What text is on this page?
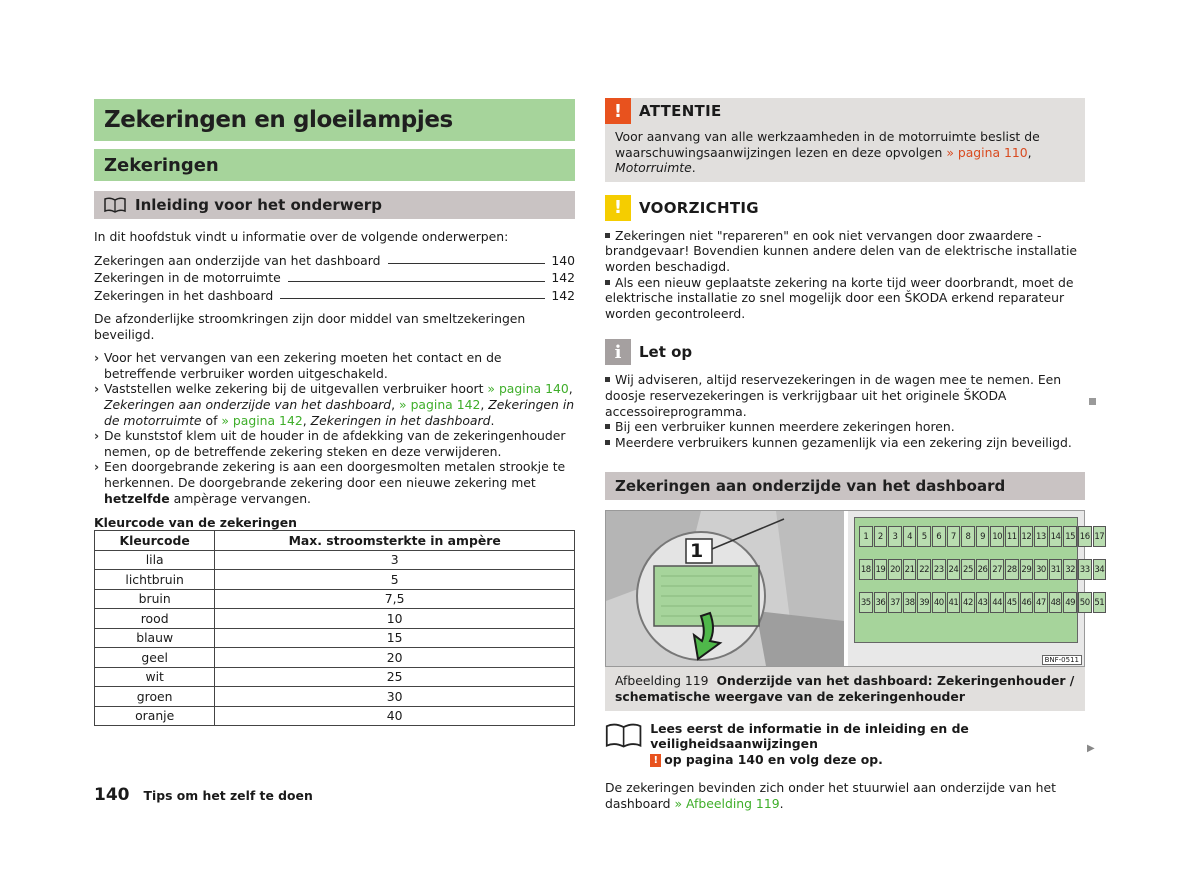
Zekeringen en gloeilampjes
Zekeringen
Inleiding voor het onderwerp

In dit hoofdstuk vindt u informatie over de volgende onderwerpen:

Zekeringen aan onderzijde van het dashboard	140
Zekeringen in de motorruimte	142
Zekeringen in het dashboard	142

De afzonderlijke stroomkringen zijn door middel van smeltzekeringen beveiligd.

› Voor het vervangen van een zekering moeten het contact en de betreffende verbruiker worden uitgeschakeld.
› Vaststellen welke zekering bij de uitgevallen verbruiker hoort » pagina 140, Zekeringen aan onderzijde van het dashboard, » pagina 142, Zekeringen in de motorruimte of » pagina 142, Zekeringen in het dashboard.
› De kunststof klem uit de houder in de afdekking van de zekeringenhouder nemen, op de betreffende zekering steken en deze verwijderen.
› Een doorgebrande zekering is aan een doorgesmolten metalen strookje te herkennen. De doorgebrande zekering door een nieuwe zekering met hetzelfde ampèrage vervangen.
Kleurcode van de zekeringen
Kleurcode	Max. stroomsterkte in ampère
lila	3
lichtbruin	5
bruin	7,5
rood	10
blauw	15
geel	20
wit	25
groen	30
oranje	40
140 Tips om het zelf te doen
!	ATTENTIE

Voor aanvang van alle werkzaamheden in de motorruimte beslist de waarschuwingsaanwijzingen lezen en deze opvolgen » pagina 110, Motorruimte.

!	VOORZICHTIG

Zekeringen niet "repareren" en ook niet vervangen door zwaardere - brandgevaar! Bovendien kunnen andere delen van de elektrische installatie worden beschadigd.

Als een nieuw geplaatste zekering na korte tijd weer doorbrandt, moet de elektrische installatie zo snel mogelijk door een ŠKODA erkend reparateur worden gecontroleerd.

i	Let op

Wij adviseren, altijd reservezekeringen in de wagen mee te nemen. Een doosje reservezekeringen is verkrijgbaar uit het originele ŠKODA accessoireprogramma.

Bij een verbruiker kunnen meerdere zekeringen horen.

Meerdere verbruikers kunnen gezamenlijk via een zekering zijn beveiligd.

Zekeringen aan onderzijde van het dashboard
1
1	2	3	4	5	6	7	8	9 10 11 12 13 14 15 16 17
18 19 20 21 22 23 24 25 26 27 28 29 30 31 32 33 34
35 36 37 38 39 40 41 42 43 44 45 46 47 48 49 50 51
BNF-0511
Afbeelding 119 Onderzijde van het dashboard: Zekeringenhouder / schematische weergave van de zekeringenhouder

Lees eerst de informatie in de inleiding en de veiligheidsaanwijzingen
! op pagina 140 en volg deze op.

De zekeringen bevinden zich onder het stuurwiel aan onderzijde van het dashboard » Afbeelding 119.

▶
